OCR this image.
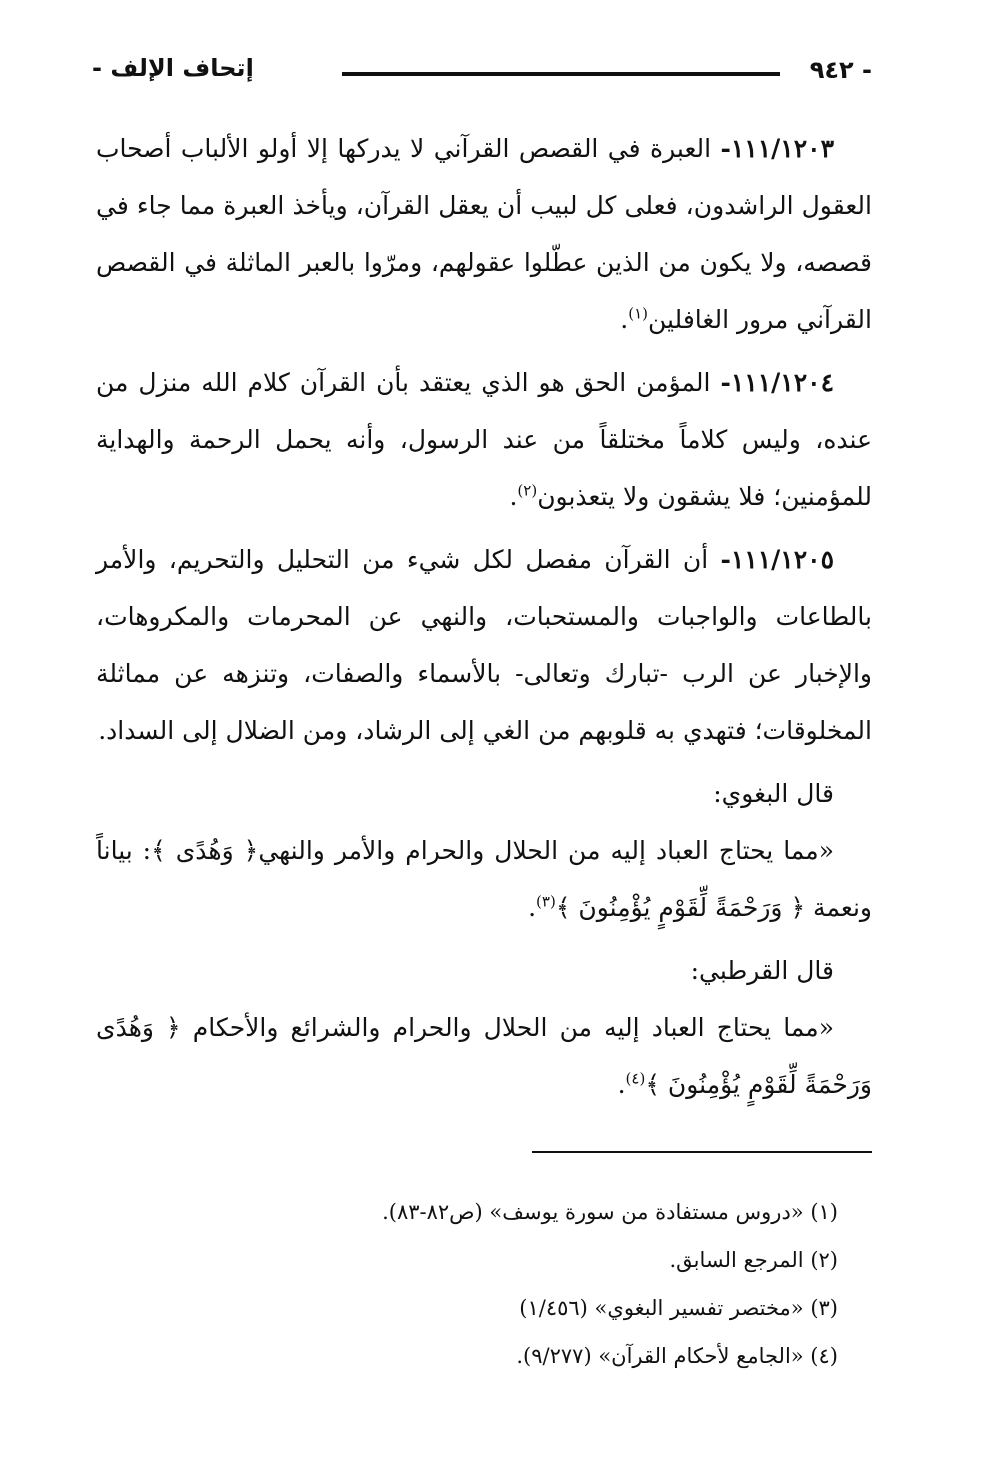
- ٩٤٢
إتحاف الإلف -

١١١/١٢٠٣- العبرة في القصص القرآني لا يدركها إلا أولو الألباب أصحاب العقول الراشدون، فعلى كل لبيب أن يعقل القرآن، ويأخذ العبرة مما جاء في قصصه، ولا يكون من الذين عطّلوا عقولهم، ومرّوا بالعبر الماثلة في القصص القرآني مرور الغافلين$^{(١)}$.

١١١/١٢٠٤- المؤمن الحق هو الذي يعتقد بأن القرآن كلام الله منزل من عنده، وليس كلاماً مختلقاً من عند الرسول، وأنه يحمل الرحمة والهداية للمؤمنين؛ فلا يشقون ولا يتعذبون$^{(٢)}$.

١١١/١٢٠٥- أن القرآن مفصل لكل شيء من التحليل والتحريم، والأمر بالطاعات والواجبات والمستحبات، والنهي عن المحرمات والمكروهات، والإخبار عن الرب -تبارك وتعالى- بالأسماء والصفات، وتنزهه عن مماثلة المخلوقات؛ فتهدي به قلوبهم من الغي إلى الرشاد، ومن الضلال إلى السداد.

قال البغوي:

«مما يحتاج العباد إليه من الحلال والحرام والأمر والنهي﴿ وَهُدًى ﴾: بياناً ونعمة ﴿ وَرَحْمَةً لِّقَوْمٍ يُؤْمِنُونَ ﴾$^{(٣)}$.

قال القرطبي:

«مما يحتاج العباد إليه من الحلال والحرام والشرائع والأحكام ﴿ وَهُدًى وَرَحْمَةً لِّقَوْمٍ يُؤْمِنُونَ ﴾$^{(٤)}$.

(١) «دروس مستفادة من سورة يوسف» (ص٨٢-٨٣).

(٢) المرجع السابق.

(٣) «مختصر تفسير البغوي» (١/٤٥٦)

(٤) «الجامع لأحكام القرآن» (٩/٢٧٧).
